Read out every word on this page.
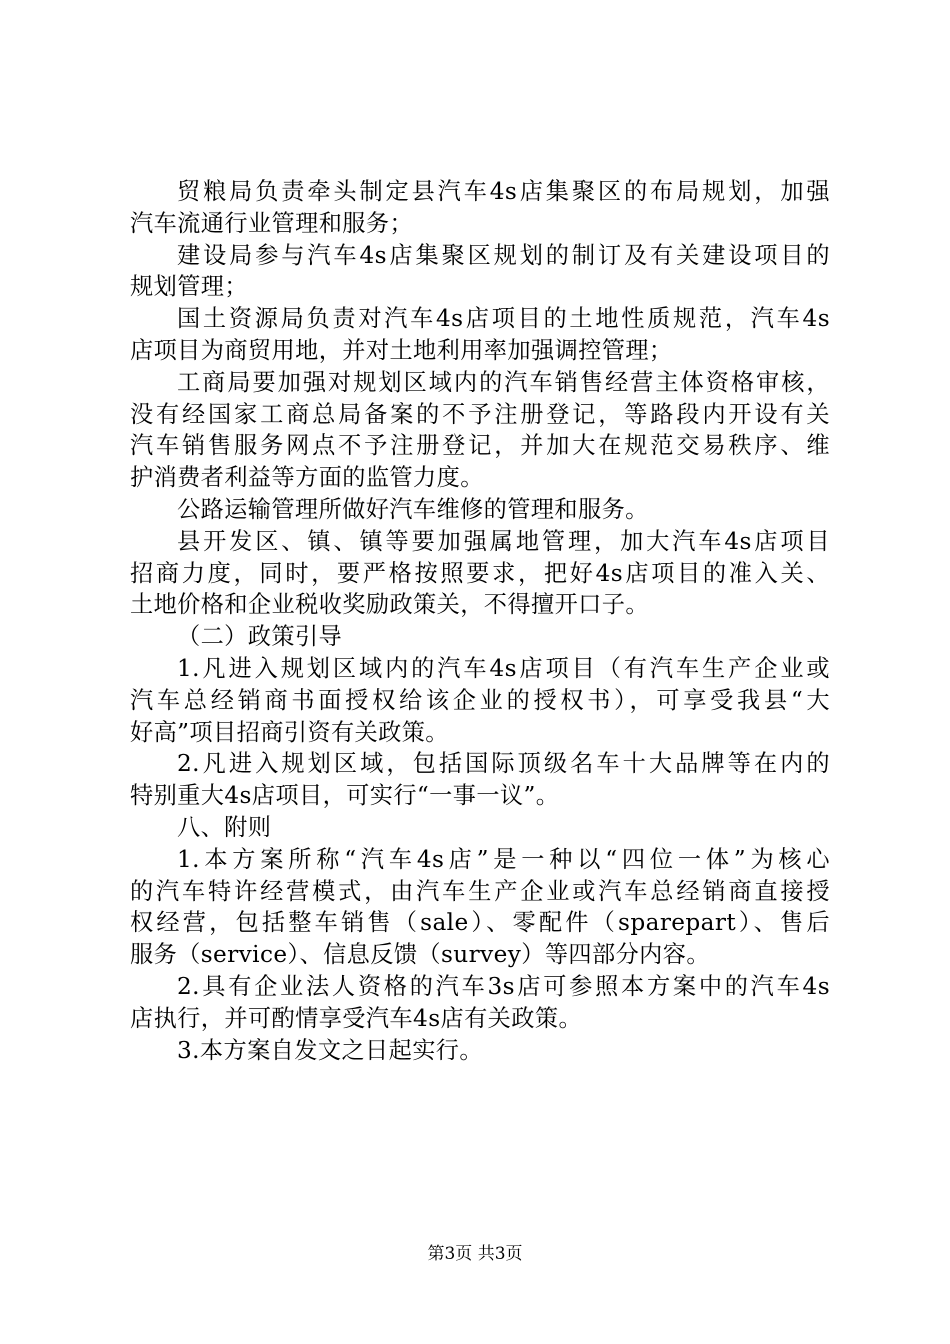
贸粮局负责牵头制定县汽车4s店集聚区的布局规划，加强
汽车流通行业管理和服务；
建设局参与汽车4s店集聚区规划的制订及有关建设项目的
规划管理；
国土资源局负责对汽车4s店项目的土地性质规范，汽车4s
店项目为商贸用地，并对土地利用率加强调控管理；
工商局要加强对规划区域内的汽车销售经营主体资格审核，
没有经国家工商总局备案的不予注册登记，等路段内开设有关
汽车销售服务网点不予注册登记，并加大在规范交易秩序、维
护消费者利益等方面的监管力度。
公路运输管理所做好汽车维修的管理和服务。
县开发区、镇、镇等要加强属地管理，加大汽车4s店项目
招商力度，同时，要严格按照要求，把好4s店项目的准入关、
土地价格和企业税收奖励政策关，不得擅开口子。
（二）政策引导
1.凡进入规划区域内的汽车4s店项目（有汽车生产企业或
汽车总经销商书面授权给该企业的授权书），可享受我县“大
好高”项目招商引资有关政策。
2.凡进入规划区域，包括国际顶级名车十大品牌等在内的
特别重大4s店项目，可实行“一事一议”。
八、附则
1.本方案所称“汽车4s店”是一种以“四位一体”为核心
的汽车特许经营模式，由汽车生产企业或汽车总经销商直接授
权经营，包括整车销售（sale）、零配件（sparepart）、售后
服务（service）、信息反馈（survey）等四部分内容。
2.具有企业法人资格的汽车3s店可参照本方案中的汽车4s
店执行，并可酌情享受汽车4s店有关政策。
3.本方案自发文之日起实行。
第3页 共3页
